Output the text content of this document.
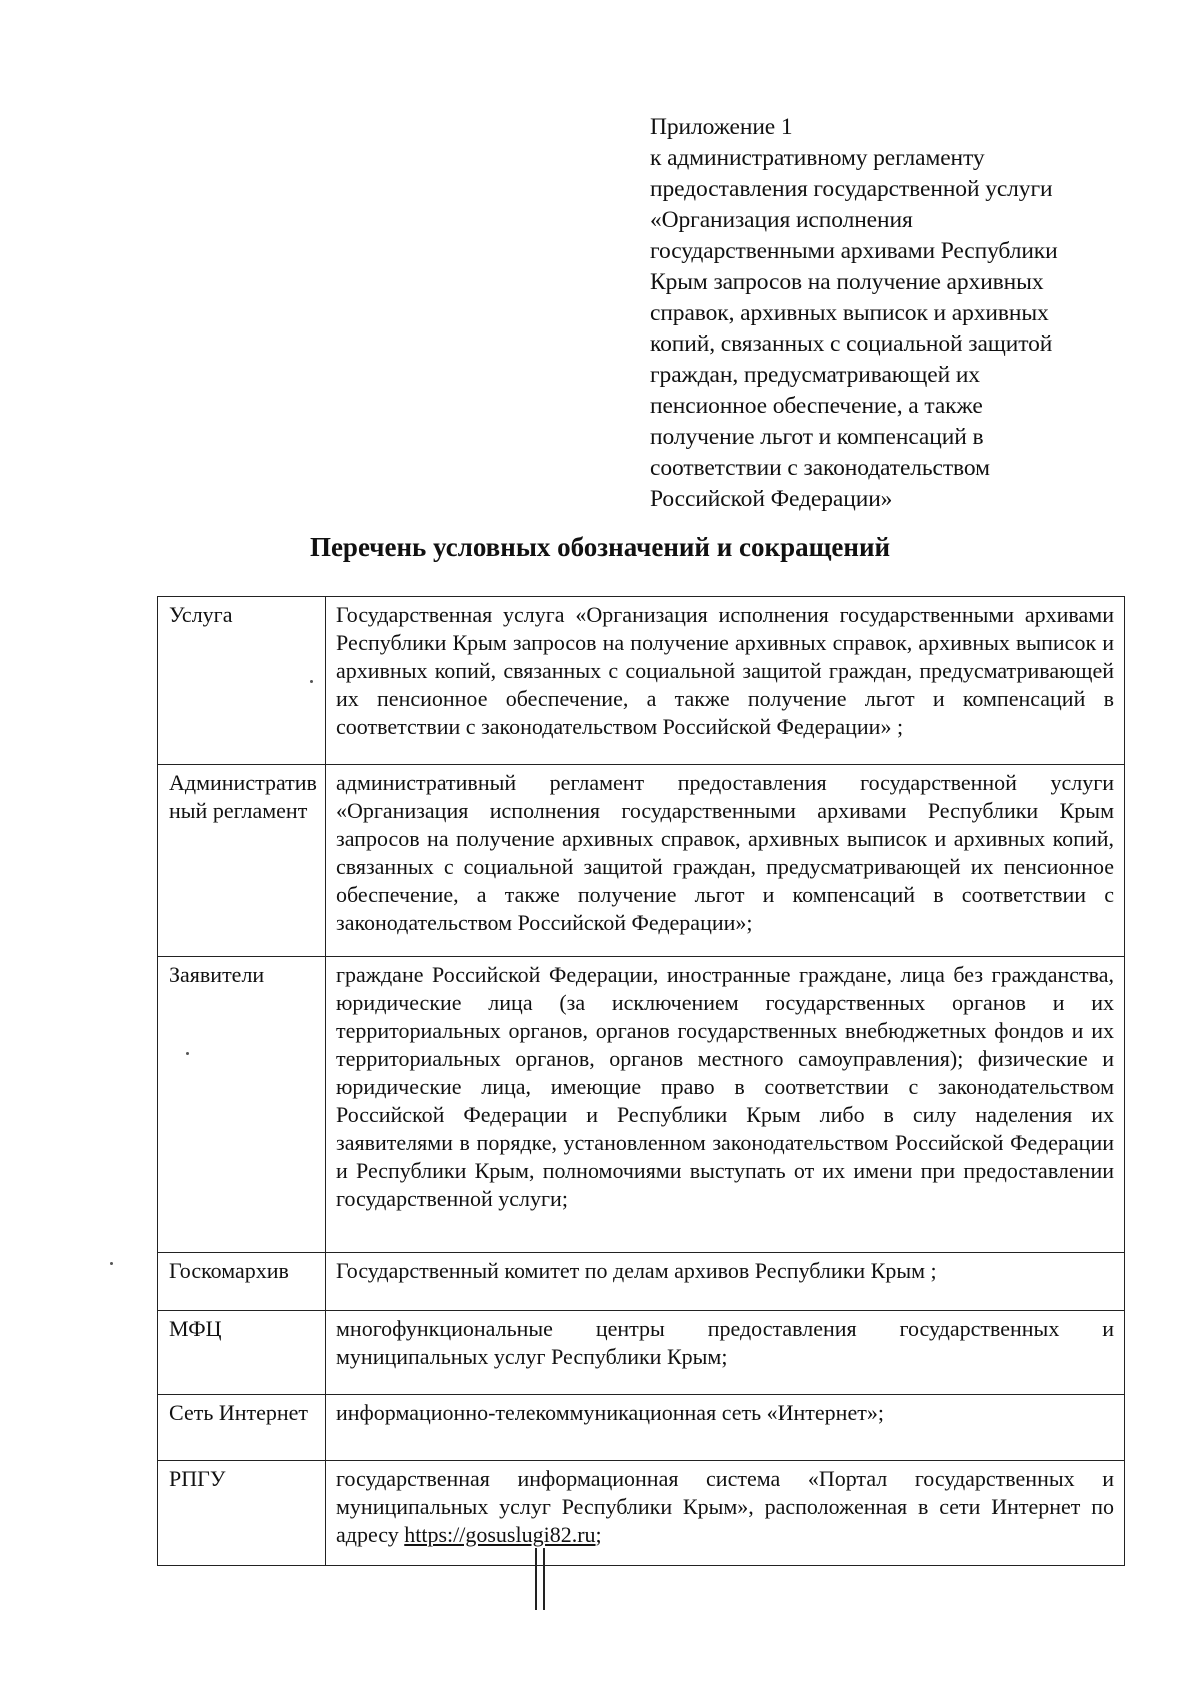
Приложение 1
к административному регламенту
предоставления государственной услуги
«Организация исполнения
государственными архивами Республики
Крым запросов на получение архивных
справок, архивных выписок и архивных
копий, связанных с социальной защитой
граждан, предусматривающей их
пенсионное обеспечение, а также
получение льгот и компенсаций в
соответствии с законодательством
Российской Федерации»
Перечень условных обозначений и сокращений
Услуга	Государственная услуга «Организация исполнения государственными архивами Республики Крым запросов на получение архивных справок, архивных выписок и архивных копий, связанных с социальной защитой граждан, предусматривающей их пенсионное обеспечение, а также получение льгот и компенсаций в соответствии с законодательством Российской Федерации» ;
Административный регламент	административный регламент предоставления государственной услуги «Организация исполнения государственными архивами Республики Крым запросов на получение архивных справок, архивных выписок и архивных копий, связанных с социальной защитой граждан, предусматривающей их пенсионное обеспечение, а также получение льгот и компенсаций в соответствии с законодательством Российской Федерации»;
Заявители	граждане Российской Федерации, иностранные граждане, лица без гражданства, юридические лица (за исключением государственных органов и их территориальных органов, органов государственных внебюджетных фондов и их территориальных органов, органов местного самоуправления); физические и юридические лица, имеющие право в соответствии с законодательством Российской Федерации и Республики Крым либо в силу наделения их заявителями в порядке, установленном законодательством Российской Федерации и Республики Крым, полномочиями выступать от их имени при предоставлении государственной услуги;
Госкомархив	Государственный комитет по делам архивов Республики Крым ;
МФЦ	многофункциональные центры предоставления государственных и муниципальных услуг Республики Крым;
Сеть Интернет	информационно-телекоммуникационная сеть «Интернет»;
РПГУ	государственная информационная система «Портал государственных и муниципальных услуг Республики Крым», расположенная в сети Интернет по адресу https://gosuslugi82.ru;
